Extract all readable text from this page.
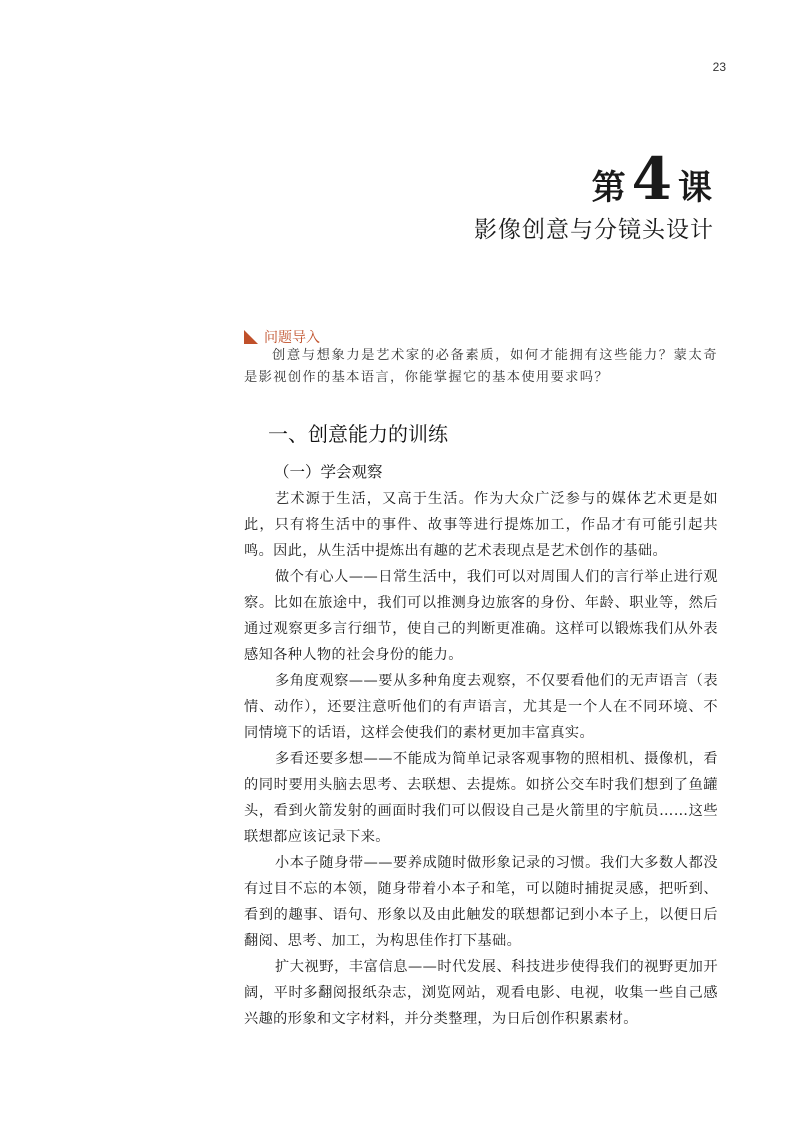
23
第 4 课
影像创意与分镜头设计
问题导入

创意与想象力是艺术家的必备素质，如何才能拥有这些能力？蒙太奇是影视创作的基本语言，你能掌握它的基本使用要求吗？

一、创意能力的训练
（一）学会观察

艺术源于生活，又高于生活。作为大众广泛参与的媒体艺术更是如此，只有将生活中的事件、故事等进行提炼加工，作品才有可能引起共鸣。因此，从生活中提炼出有趣的艺术表现点是艺术创作的基础。

做个有心人——日常生活中，我们可以对周围人们的言行举止进行观察。比如在旅途中，我们可以推测身边旅客的身份、年龄、职业等，然后通过观察更多言行细节，使自己的判断更准确。这样可以锻炼我们从外表感知各种人物的社会身份的能力。

多角度观察——要从多种角度去观察，不仅要看他们的无声语言（表情、动作），还要注意听他们的有声语言，尤其是一个人在不同环境、不同情境下的话语，这样会使我们的素材更加丰富真实。

多看还要多想——不能成为简单记录客观事物的照相机、摄像机，看的同时要用头脑去思考、去联想、去提炼。如挤公交车时我们想到了鱼罐头，看到火箭发射的画面时我们可以假设自己是火箭里的宇航员……这些联想都应该记录下来。

小本子随身带——要养成随时做形象记录的习惯。我们大多数人都没有过目不忘的本领，随身带着小本子和笔，可以随时捕捉灵感，把听到、看到的趣事、语句、形象以及由此触发的联想都记到小本子上，以便日后翻阅、思考、加工，为构思佳作打下基础。

扩大视野，丰富信息——时代发展、科技进步使得我们的视野更加开阔，平时多翻阅报纸杂志，浏览网站，观看电影、电视，收集一些自己感兴趣的形象和文字材料，并分类整理，为日后创作积累素材。
